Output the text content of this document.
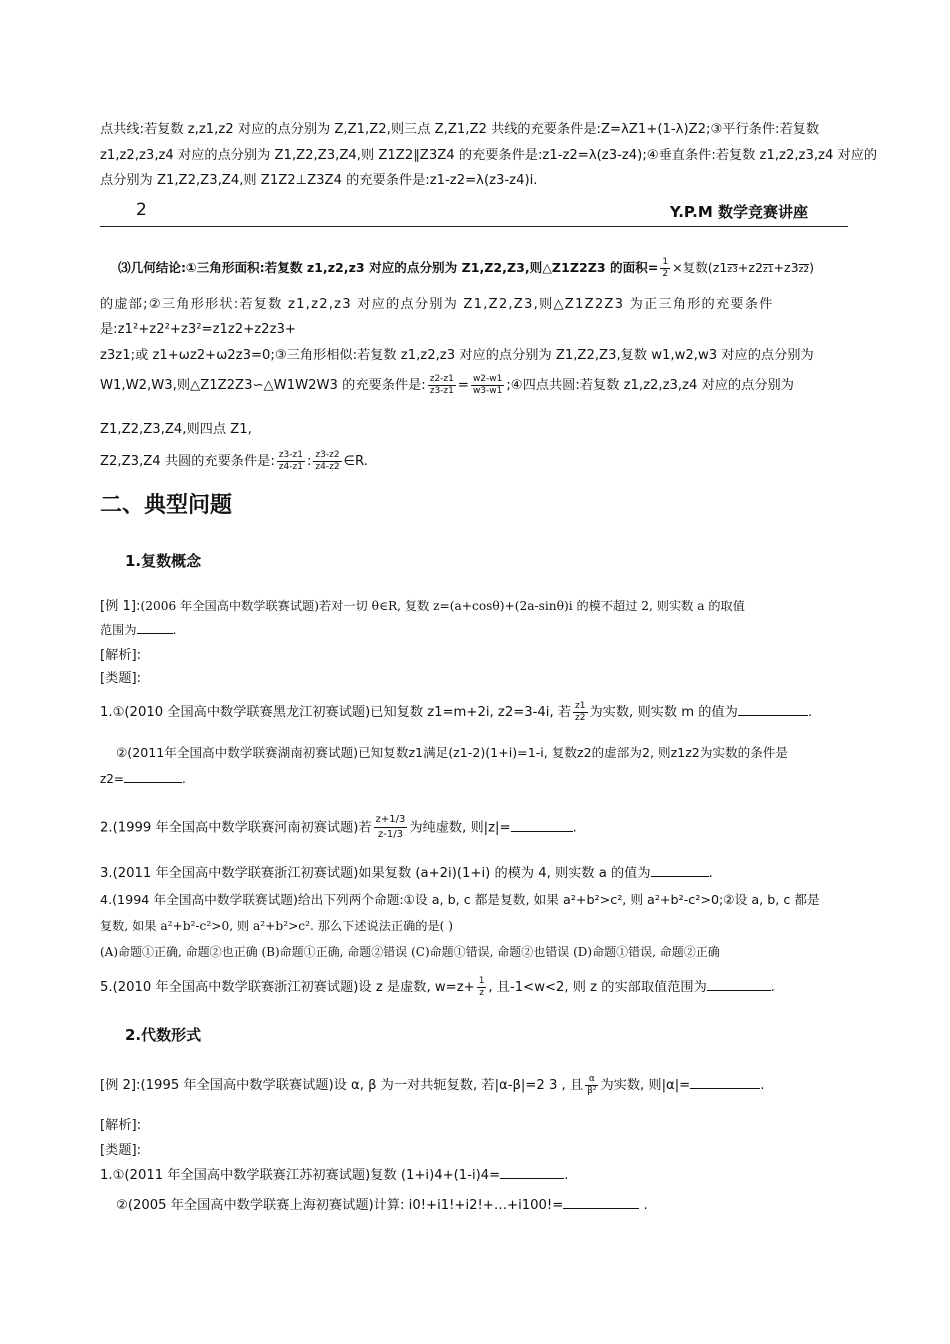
点共线:若复数 z,z1,z2 对应的点分别为 Z,Z1,Z2,则三点 Z,Z1,Z2 共线的充要条件是:Z=λZ1+(1-λ)Z2;③平行条件:若复数
z1,z2,z3,z4 对应的点分别为 Z1,Z2,Z3,Z4,则 Z1Z2∥Z3Z4 的充要条件是:z1-z2=λ(z3-z4);④垂直条件:若复数 z1,z2,z3,z4 对应的
点分别为 Z1,Z2,Z3,Z4,则 Z1Z2⊥Z3Z4 的充要条件是:z1-z2=λ(z3-z4)i.
2	Y.P.M 数学竞赛讲座
⑶几何结论:①三角形面积:若复数 z1,z2,z3 对应的点分别为 Z1,Z2,Z3,则△Z1Z2Z3 的面积= $\frac{1}{2}$ ×复数(z1z3+z2z1+z3z2)
的虚部;②三角形形状:若复数 z1,z2,z3 对应的点分别为 Z1,Z2,Z3,则△Z1Z2Z3 为正三角形的充要条件
是:z1²+z2²+z3²=z1z2+z2z3+
z3z1;或 z1+ωz2+ω2z3=0;③三角形相似:若复数 z1,z2,z3 对应的点分别为 Z1,Z2,Z3,复数 w1,w2,w3 对应的点分别为
W1,W2,W3,则△Z1Z2Z3∽△W1W2W3 的充要条件是: $\frac{z2-z1}{z3-z1} = \frac{w2-w1}{w3-w1}$ ;④四点共圆:若复数 z1,z2,z3,z4 对应的点分别为
Z1,Z2,Z3,Z4,则四点 Z1,
Z2,Z3,Z4 共圆的充要条件是: $\frac{z3-z1}{z4-z1}$ : $\frac{z3-z2}{z4-z2}$ ∈R.
二、典型问题
1.复数概念
[例 1]:(2006 年全国高中数学联赛试题)若对一切 θ∈R, 复数 z=(a+cosθ)+(2a-sinθ)i 的模不超过 2, 则实数 a 的取值
范围为	.
[解析]:
[类题]:
1.①(2010 全国高中数学联赛黑龙江初赛试题)已知复数 z1=m+2i, z2=3-4i, 若 $\frac{z1}{z2}$ 为实数, 则实数 m 的值为	.
②(2011年全国高中数学联赛湖南初赛试题)已知复数z1满足(z1-2)(1+i)=1-i, 复数z2的虚部为2, 则z1z2为实数的条件是
z2=	.
2.(1999 年全国高中数学联赛河南初赛试题)若 $\frac{z+1/3}{z-1/3}$ 为纯虚数, 则|z|=	.
3.(2011 年全国高中数学联赛浙江初赛试题)如果复数 (a+2i)(1+i) 的模为 4, 则实数 a 的值为	.
4.(1994 年全国高中数学联赛试题)给出下列两个命题:①设 a, b, c 都是复数, 如果 a²+b²>c², 则 a²+b²-c²>0;②设 a, b, c 都是
复数, 如果 a²+b²-c²>0, 则 a²+b²>c². 那么下述说法正确的是( )
(A)命题①正确, 命题②也正确 (B)命题①正确, 命题②错误 (C)命题①错误, 命题②也错误 (D)命题①错误, 命题②正确
5.(2010 年全国高中数学联赛浙江初赛试题)设 z 是虚数, $w=z+ \frac{1}{z}$ , 且-1<w<2, 则 z 的实部取值范围为	.
2.代数形式
[例 2]:(1995 年全国高中数学联赛试题)设 α, β 为一对共轭复数, 若|α-β|=2 3 , 且 $\frac{\alpha}{\text{β²}}$ 为实数, 则|α|=	.
[解析]:
[类题]:
1.①(2011 年全国高中数学联赛江苏初赛试题)复数 (1+i)4+(1-i)4=	.
②(2005 年全国高中数学联赛上海初赛试题)计算: i0!+i1!+i2!+…+i100!=	.
